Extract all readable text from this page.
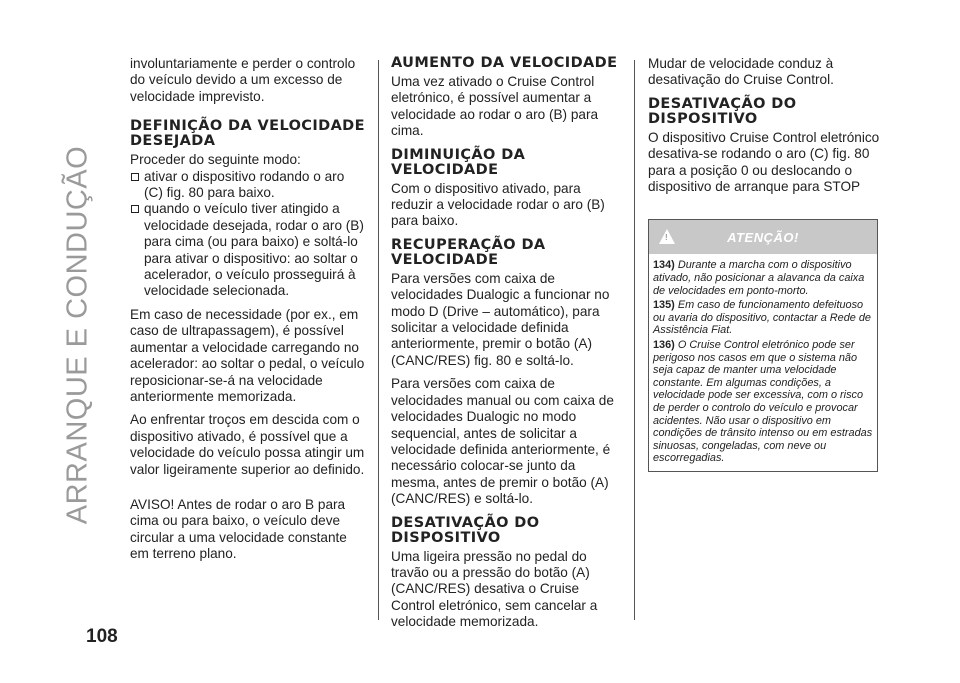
ARRANQUE E CONDUÇÃO
108

involuntariamente e perder o controlo do veículo devido a um excesso de velocidade imprevisto.

DEFINIÇÃO DA VELOCIDADE DESEJADA

Proceder do seguinte modo:

ativar o dispositivo rodando o aro (C) fig. 80 para baixo.

quando o veículo tiver atingido a velocidade desejada, rodar o aro (B) para cima (ou para baixo) e soltá-lo para ativar o dispositivo: ao soltar o acelerador, o veículo prosseguirá à velocidade selecionada.

Em caso de necessidade (por ex., em caso de ultrapassagem), é possível aumentar a velocidade carregando no acelerador: ao soltar o pedal, o veículo reposicionar-se-á na velocidade anteriormente memorizada.

Ao enfrentar troços em descida com o dispositivo ativado, é possível que a velocidade do veículo possa atingir um valor ligeiramente superior ao definido.

AVISO! Antes de rodar o aro B para cima ou para baixo, o veículo deve circular a uma velocidade constante em terreno plano.

AUMENTO DA VELOCIDADE

Uma vez ativado o Cruise Control eletrónico, é possível aumentar a velocidade ao rodar o aro (B) para cima.

DIMINUIÇÃO DA VELOCIDADE

Com o dispositivo ativado, para reduzir a velocidade rodar o aro (B) para baixo.

RECUPERAÇÃO DA VELOCIDADE

Para versões com caixa de velocidades Dualogic a funcionar no modo D (Drive – automático), para solicitar a velocidade definida anteriormente, premir o botão (A) (CANC/RES) fig. 80 e soltá-lo.

Para versões com caixa de velocidades manual ou com caixa de velocidades Dualogic no modo sequencial, antes de solicitar a velocidade definida anteriormente, é necessário colocar-se junto da mesma, antes de premir o botão (A) (CANC/RES) e soltá-lo.

DESATIVAÇÃO DO DISPOSITIVO

Uma ligeira pressão no pedal do travão ou a pressão do botão (A) (CANC/RES) desativa o Cruise Control eletrónico, sem cancelar a velocidade memorizada.

Mudar de velocidade conduz à desativação do Cruise Control.

DESATIVAÇÃO DO DISPOSITIVO

O dispositivo Cruise Control eletrónico desativa-se rodando o aro (C) fig. 80 para a posição 0 ou deslocando o dispositivo de arranque para STOP

!	ATENÇÃO!

134) Durante a marcha com o dispositivo ativado, não posicionar a alavanca da caixa de velocidades em ponto-morto.

135) Em caso de funcionamento defeituoso ou avaria do dispositivo, contactar a Rede de Assistência Fiat.

136) O Cruise Control eletrónico pode ser perigoso nos casos em que o sistema não seja capaz de manter uma velocidade constante. Em algumas condições, a velocidade pode ser excessiva, com o risco de perder o controlo do veículo e provocar acidentes. Não usar o dispositivo em condições de trânsito intenso ou em estradas sinuosas, congeladas, com neve ou escorregadias.
